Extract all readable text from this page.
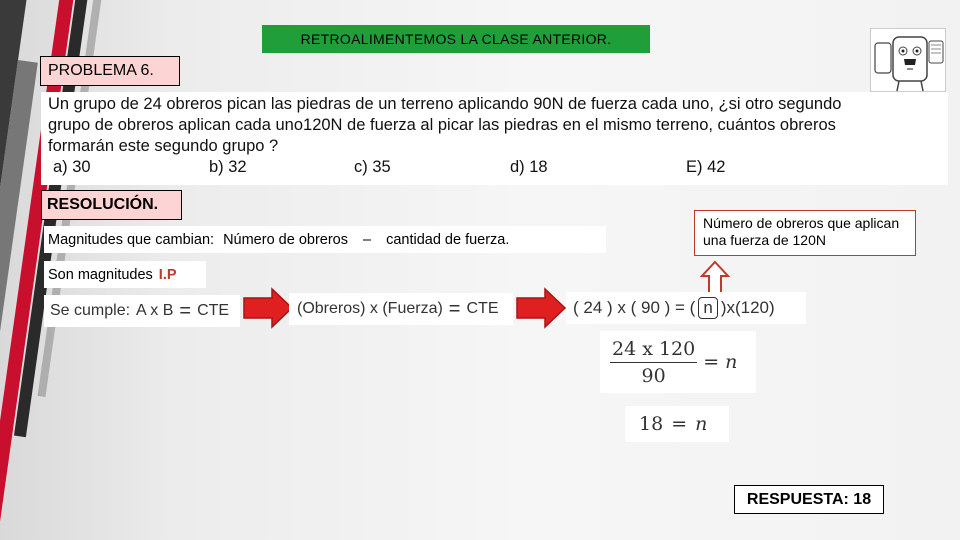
RETROALIMENTEMOS LA CLASE ANTERIOR.
PROBLEMA 6.
Un grupo de 24 obreros pican las piedras de un terreno aplicando 90N de fuerza cada uno, ¿si otro segundo
grupo de obreros aplican cada uno120N de fuerza al picar las piedras en el mismo terreno, cuántos obreros
formarán este segundo grupo ?
a) 30	b) 32	c) 35	d) 18	E) 42
RESOLUCIÓN.
Magnitudes que cambian: Número de obreros – cantidad de fuerza.
Número de obreros que aplican una fuerza de 120N
Son magnitudes I.P
Se cumple: A x B = CTE	(Obreros) x (Fuerza) = CTE	( 24 ) x ( 90 ) = ( n )x(120)
$\frac{24 x 120}{90} = n$
18 = n
RESPUESTA: 18
